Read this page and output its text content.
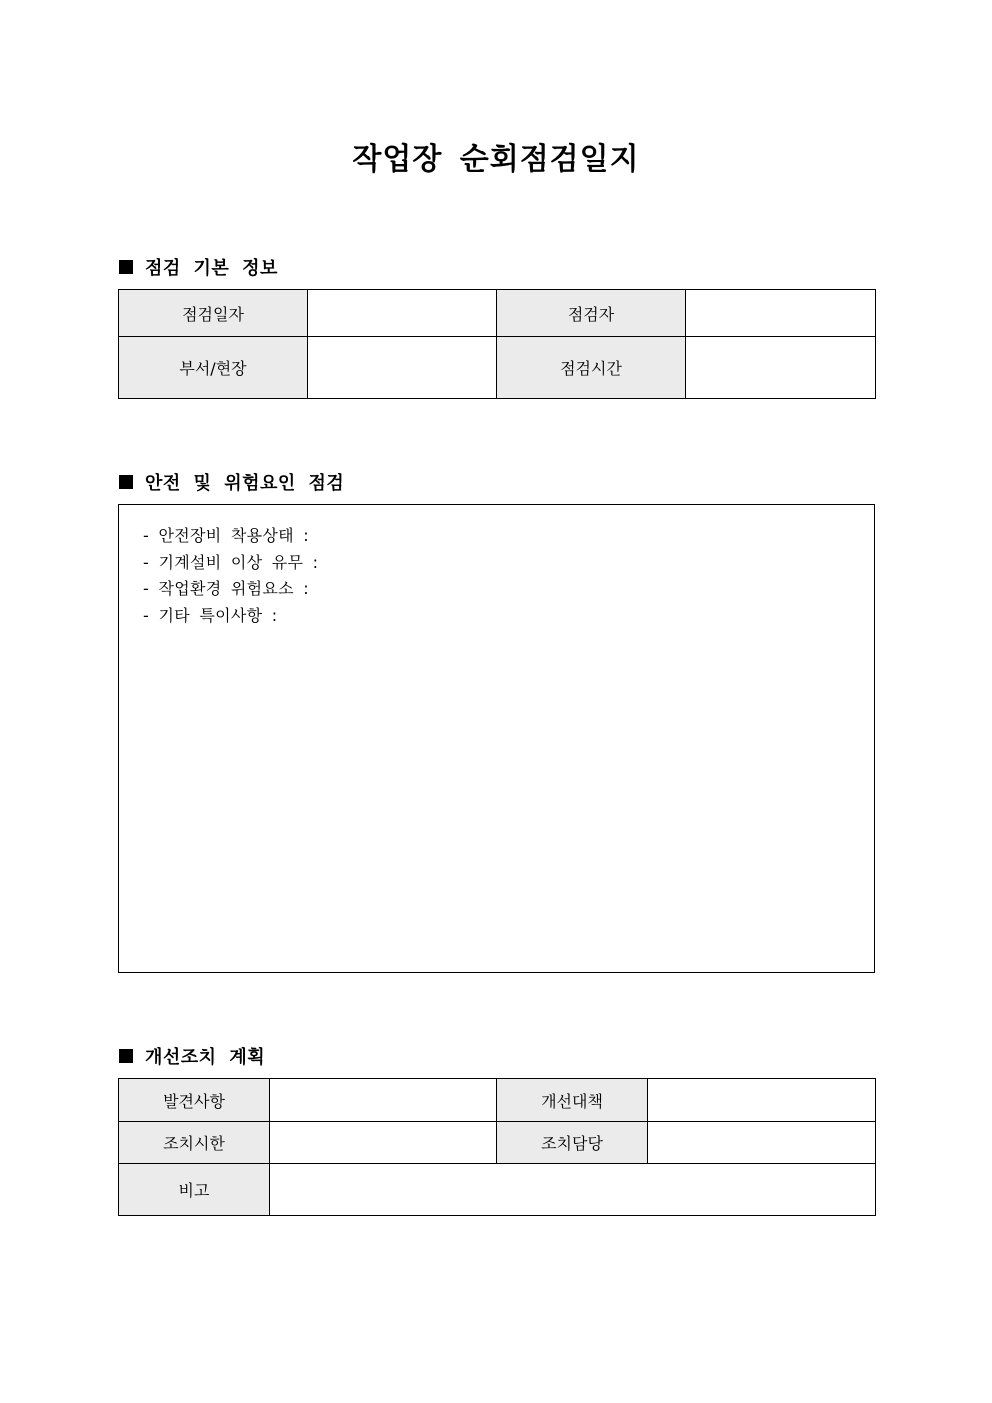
작업장 순회점검일지
점검 기본 정보
점검일자		점검자	
부서/현장		점검시간	
안전 및 위험요인 점검
- 안전장비 착용상태 :
- 기계설비 이상 유무 :
- 작업환경 위험요소 :
- 기타 특이사항 :
개선조치 계획
발견사항		개선대책	
조치시한		조치담당	
비고			
